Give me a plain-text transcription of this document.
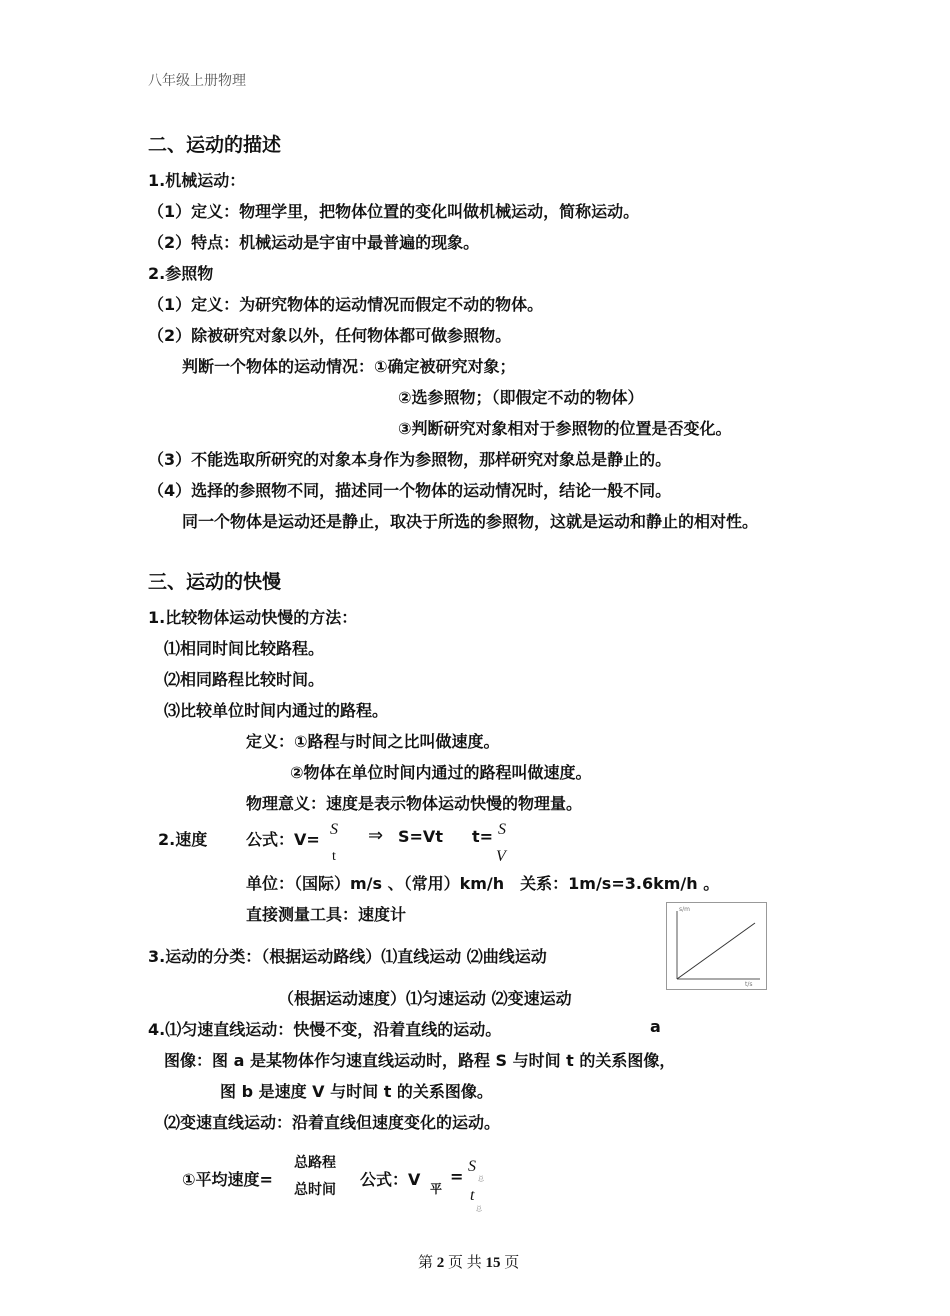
八年级上册物理
二、运动的描述
1.机械运动：
（1）定义：物理学里，把物体位置的变化叫做机械运动，简称运动。
（2）特点：机械运动是宇宙中最普遍的现象。
2.参照物
（1）定义：为研究物体的运动情况而假定不动的物体。
（2）除被研究对象以外，任何物体都可做参照物。
判断一个物体的运动情况：①确定被研究对象；
②选参照物；（即假定不动的物体）
③判断研究对象相对于参照物的位置是否变化。
（3）不能选取所研究的对象本身作为参照物，那样研究对象总是静止的。
（4）选择的参照物不同，描述同一个物体的运动情况时，结论一般不同。
同一个物体是运动还是静止，取决于所选的参照物，这就是运动和静止的相对性。
三、运动的快慢
1.比较物体运动快慢的方法：
⑴相同时间比较路程。
⑵相同路程比较时间。
⑶比较单位时间内通过的路程。
定义：①路程与时间之比叫做速度。
②物体在单位时间内通过的路程叫做速度。
物理意义：速度是表示物体运动快慢的物理量。
2.速度 公式：V=
S
t
⇒ S=Vt t= S
V
单位：（国际）m/s 、（常用）km/h　关系：1m/s=3.6km/h 。
直接测量工具：速度计	s/m
t/s
3.运动的分类：（根据运动路线）⑴直线运动 ⑵曲线运动
（根据运动速度）⑴匀速运动 ⑵变速运动
4.⑴匀速直线运动：快慢不变，沿着直线的运动。	a
图像：图 a 是某物体作匀速直线运动时，路程 S 与时间 t 的关系图像，
图 b 是速度 V 与时间 t 的关系图像。
⑵变速直线运动：沿着直线但速度变化的运动。
①平均速度=
总路程
总时间
公式：V 平
=
S
总
t
总
第 2 页 共 15 页
